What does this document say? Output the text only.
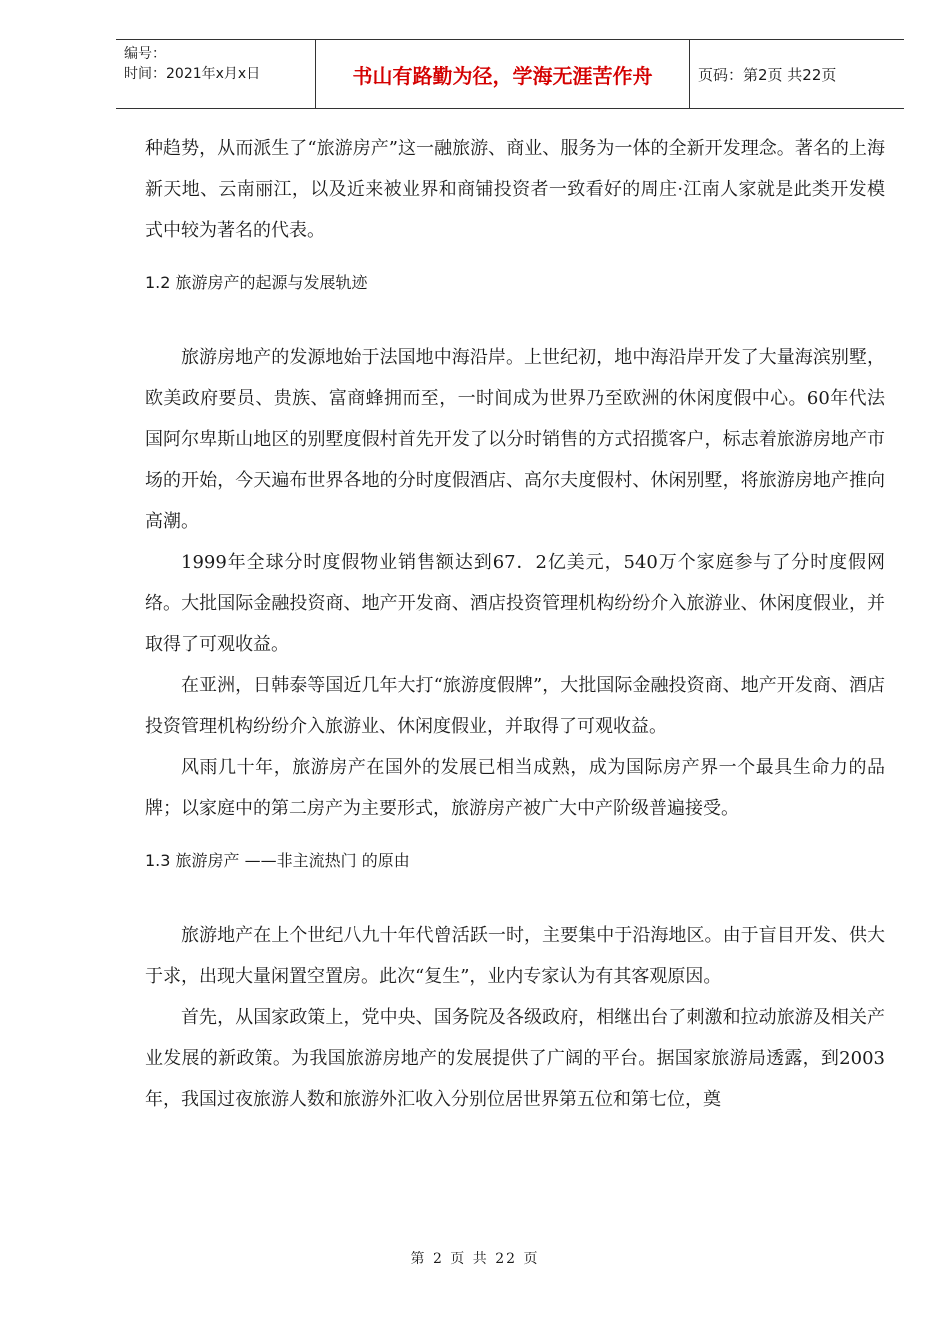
编号：
时间：2021年x月x日	书山有路勤为径，学海无涯苦作舟	页码：第2页 共22页

种趋势，从而派生了“旅游房产”这一融旅游、商业、服务为一体的全新开发理念。著名的上海新天地、云南丽江，以及近来被业界和商铺投资者一致看好的周庄·江南人家就是此类开发模式中较为著名的代表。

1.2 旅游房产的起源与发展轨迹

旅游房地产的发源地始于法国地中海沿岸。上世纪初，地中海沿岸开发了大量海滨别墅，欧美政府要员、贵族、富商蜂拥而至，一时间成为世界乃至欧洲的休闲度假中心。60年代法国阿尔卑斯山地区的别墅度假村首先开发了以分时销售的方式招揽客户，标志着旅游房地产市场的开始，今天遍布世界各地的分时度假酒店、高尔夫度假村、休闲别墅，将旅游房地产推向高潮。

1999年全球分时度假物业销售额达到67．2亿美元，540万个家庭参与了分时度假网络。大批国际金融投资商、地产开发商、酒店投资管理机构纷纷介入旅游业、休闲度假业，并取得了可观收益。

在亚洲，日韩泰等国近几年大打“旅游度假牌”，大批国际金融投资商、地产开发商、酒店投资管理机构纷纷介入旅游业、休闲度假业，并取得了可观收益。

风雨几十年，旅游房产在国外的发展已相当成熟，成为国际房产界一个最具生命力的品牌；以家庭中的第二房产为主要形式，旅游房产被广大中产阶级普遍接受。

1.3 旅游房产 ——非主流热门 的原由

旅游地产在上个世纪八九十年代曾活跃一时，主要集中于沿海地区。由于盲目开发、供大于求，出现大量闲置空置房。此次“复生”，业内专家认为有其客观原因。

首先，从国家政策上，党中央、国务院及各级政府，相继出台了刺激和拉动旅游及相关产业发展的新政策。为我国旅游房地产的发展提供了广阔的平台。据国家旅游局透露，到2003年，我国过夜旅游人数和旅游外汇收入分别位居世界第五位和第七位，奠

第 2 页 共 22 页
